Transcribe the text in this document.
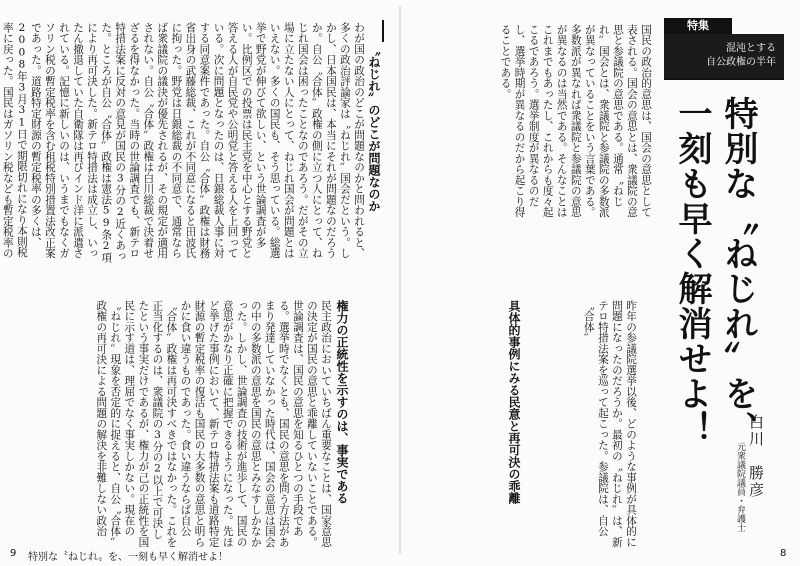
〝ねじれ〟のどこが問題なのか
わが国の政治のどこが問題なのかと問われると、多くの政治評論家は〝ねじれ〟国会だという。しかし、日本国民は、本当にそれが問題なのだろうか。自公〝合体〟政権の側に立つ人にとって、ねじれ国会は困ったことなのであろう。だがその立場に立たない人にとって、ねじれ国会が問題とはいえない。多くの国民も、そう思っている。総選挙で野党が伸びて欲しい、という世論調査が多い。比例区での投票は民主党を中心とする野党と答える人が自民党や公明党と答える人を上回っている。次に問題となったのは、日銀総裁人事に対する同意案件であった。自公〝合体〟政権は財務省出身の武藤総裁、これが不同意になると田波氏に拘った。野党は日銀総裁の不同意で、通常ならば衆議院の議決が優先されるが、その規定が適用されない。自公〝合体〟政権は白川総裁で決着せざるを得なかった。当時の世論調査でも、新テロ特措法案に反対の意見が国民の3分の2近くあった。ところが自公〝合体〟政権は憲法59条2項により再可決した。新テロ特措法は成立し、いったん撤退していた自衛隊は再びインド洋に派遣されている。記憶に新しいのは、いうまでもなくガソリン税の暫定税率を含む租税特別措置法改正案であった。道路特定財源の暫定税率の多くは、2008年3月31日で期限切れになり本則税率に戻った。国民はガソリン税なども暫定税率の
権力の正統性を示すのは、事実である
民主政治においていちばん重要なことは、国家意思の決定が国民の意思と乖離していないことである。世論調査は、国民の意思を知るひとつの手段である。選挙時でなくとも、国民の意思を問う方法があまり発達していなかった時代は、国会の意思は国会の中の多数派の意思を国民の意思とみなすしかなかった。しかし、世論調査の技術が進歩して、国民の意思がかなり正確に把握できるようになった。先ほど挙げた事例において、新テロ特措法案も道路特定財源の暫定税率の復活も国民の大多数の意思と明らかに食い違うものであった。食い違うならば自公〝合体〟政権は再可決すべきではなかった。これを正当化するのは、衆議院の3分の2以上で可決したという事実だけであるが、権力が己の正統性を国民に示す道は、理屈でなく事実しかない。現在の〝ねじれ〟現象を否定的に捉えると、自公〝合体〟政権の再可決による問題の解決を非難しない政治
特集
混沌とする
自公政権の半年
特別な〝ねじれ〟を、
一刻も早く解消せよ！
国民の政治的意思は、国会の意思として表される。国会の意思とは、衆議院の意思と参議院の意思である。通常〝ねじれ〟国会とは、衆議院と参議院の多数派が異なっていることをいう言葉である。多数派が異なれば衆議院と参議院の意思が異なるのは当然である。そんなことはこれまでもあったし、これからも度々起こるであろう。選挙制度が異なるのだし、選挙時期が異なるのだから起こり得ることである。
具体的事例にみる民意と再可決の乖離	昨年の参議院選挙以後、どのような事例が具体的に問題になったのだろうか。最初の〝ねじれ〟は、新テロ特措法案を巡って起こった。参議院は、自公〝合体〟
白川　勝彦
元衆議院議員・弁護士
9 特別な〝ねじれ〟を、一刻も早く解消せよ！	8
